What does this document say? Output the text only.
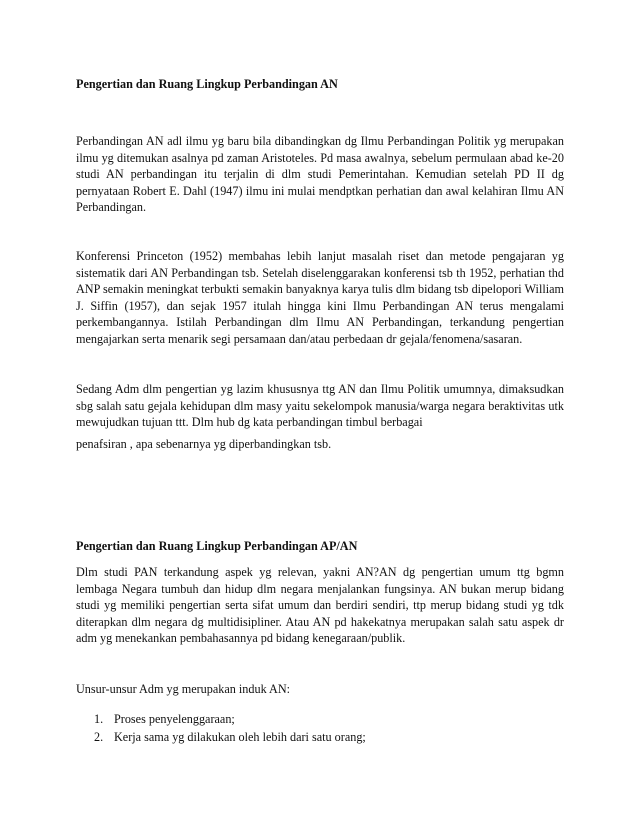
Pengertian dan Ruang Lingkup Perbandingan AN

Perbandingan AN adl ilmu yg baru bila dibandingkan dg Ilmu Perbandingan Politik yg merupakan ilmu yg ditemukan asalnya pd zaman Aristoteles. Pd masa awalnya, sebelum permulaan abad ke-20 studi AN perbandingan itu terjalin di dlm studi Pemerintahan. Kemudian setelah PD II dg pernyataan Robert E. Dahl (1947) ilmu ini mulai mendptkan perhatian dan awal kelahiran Ilmu AN Perbandingan.

Konferensi Princeton (1952) membahas lebih lanjut masalah riset dan metode pengajaran yg sistematik dari AN Perbandingan tsb. Setelah diselenggarakan konferensi tsb th 1952, perhatian thd ANP semakin meningkat terbukti semakin banyaknya karya tulis dlm bidang tsb dipelopori William J. Siffin (1957), dan sejak 1957 itulah hingga kini Ilmu Perbandingan AN terus mengalami perkembangannya. Istilah Perbandingan dlm Ilmu AN Perbandingan, terkandung pengertian mengajarkan serta menarik segi persamaan dan/atau perbedaan dr gejala/fenomena/sasaran.

Sedang Adm dlm pengertian yg lazim khususnya ttg AN dan Ilmu Politik umumnya, dimaksudkan sbg salah satu gejala kehidupan dlm masy yaitu sekelompok manusia/warga negara beraktivitas utk mewujudkan tujuan ttt. Dlm hub dg kata perbandingan timbul berbagai

penafsiran , apa sebenarnya yg diperbandingkan tsb.

Pengertian dan Ruang Lingkup Perbandingan AP/AN

Dlm studi PAN terkandung aspek yg relevan, yakni AN?AN dg pengertian umum ttg bgmn lembaga Negara tumbuh dan hidup dlm negara menjalankan fungsinya. AN bukan merup bidang studi yg memiliki pengertian serta sifat umum dan berdiri sendiri, ttp merup bidang studi yg tdk diterapkan dlm negara dg multidisipliner. Atau AN pd hakekatnya merupakan salah satu aspek dr adm yg menekankan pembahasannya pd bidang kenegaraan/publik.

Unsur-unsur Adm yg merupakan induk AN:

1. Proses penyelenggaraan;
2. Kerja sama yg dilakukan oleh lebih dari satu orang;
